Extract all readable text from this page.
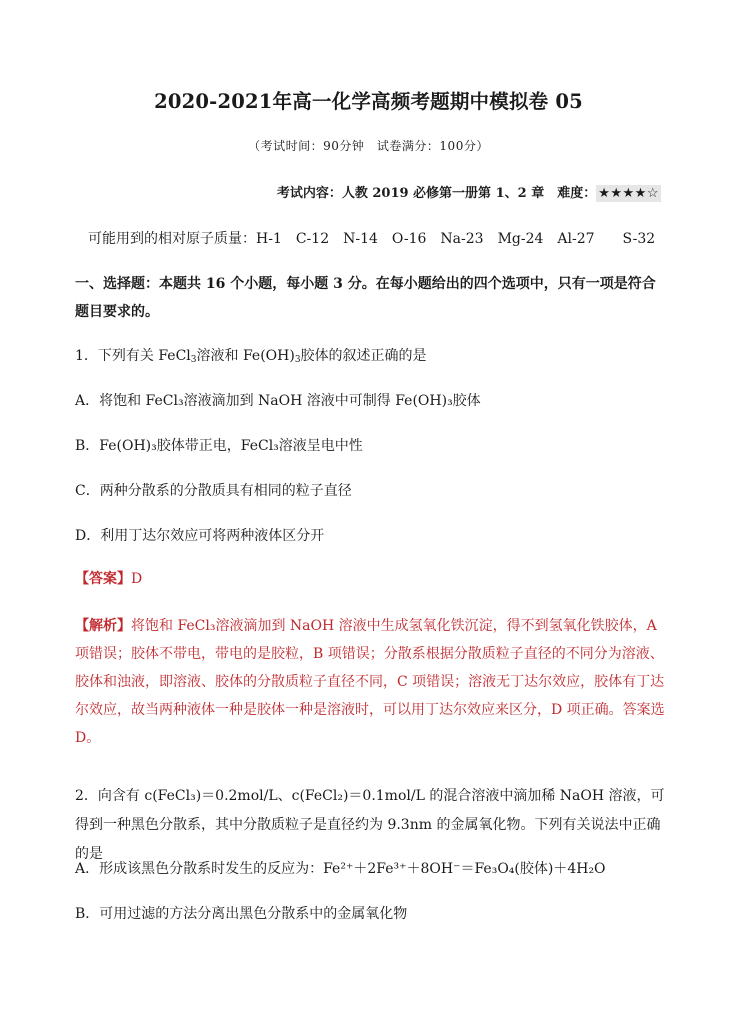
2020-2021年高一化学高频考题期中模拟卷 05
（考试时间：90分钟　试卷满分：100分）
考试内容：人教 2019 必修第一册第 1、2 章　难度： ★★★★☆
可能用到的相对原子质量：H-1　C-12　N-14　O-16　Na-23　Mg-24　Al-27　　S-32
一、选择题：本题共 16 个小题，每小题 3 分。在每小题给出的四个选项中，只有一项是符合题目要求的。
1．下列有关 FeCl$_3$溶液和 $Fe(OH)_3$胶体的叙述正确的是
A．将饱和 FeCl₃溶液滴加到 NaOH 溶液中可制得 Fe(OH)₃胶体
B．Fe(OH)₃胶体带正电，FeCl₃溶液呈电中性
C．两种分散系的分散质具有相同的粒子直径
D．利用丁达尔效应可将两种液体区分开
【答案】D
【解析】将饱和 FeCl₃溶液滴加到 NaOH 溶液中生成氢氧化铁沉淀，得不到氢氧化铁胶体，A 项错误；胶体不带电，带电的是胶粒，B 项错误；分散系根据分散质粒子直径的不同分为溶液、胶体和浊液，即溶液、胶体的分散质粒子直径不同，C 项错误；溶液无丁达尔效应，胶体有丁达尔效应，故当两种液体一种是胶体一种是溶液时，可以用丁达尔效应来区分，D 项正确。答案选 D。
2．向含有 c(FeCl₃)＝0.2mol/L、c(FeCl₂)＝0.1mol/L 的混合溶液中滴加稀 NaOH 溶液，可得到一种黑色分散系，其中分散质粒子是直径约为 9.3nm 的金属氧化物。下列有关说法中正确的是
A．形成该黑色分散系时发生的反应为：Fe²⁺＋2Fe³⁺＋8OH⁻＝Fe₃O₄(胶体)＋4H₂O
B．可用过滤的方法分离出黑色分散系中的金属氧化物
